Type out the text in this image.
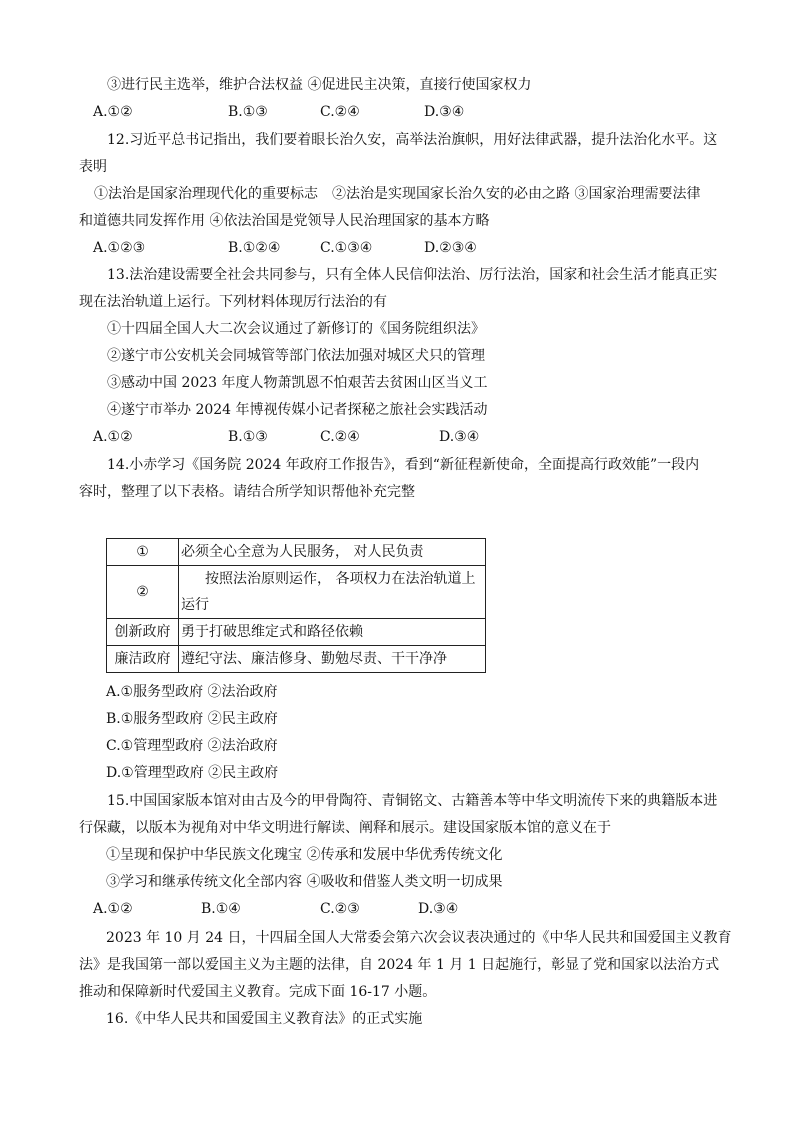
③进行民主选举，维护合法权益 ④促进民主决策，直接行使国家权力
A.①②	B.①③	C.②④	D.③④
12.习近平总书记指出，我们要着眼长治久安，高举法治旗帜，用好法律武器，提升法治化水平。这
表明
①法治是国家治理现代化的重要标志　②法治是实现国家长治久安的必由之路 ③国家治理需要法律
和道德共同发挥作用 ④依法治国是党领导人民治理国家的基本方略
A.①②③	B.①②④	C.①③④	D.②③④
13.法治建设需要全社会共同参与，只有全体人民信仰法治、厉行法治，国家和社会生活才能真正实
现在法治轨道上运行。下列材料体现厉行法治的有
①十四届全国人大二次会议通过了新修订的《国务院组织法》
②遂宁市公安机关会同城管等部门依法加强对城区犬只的管理
③感动中国 2023 年度人物萧凯恩不怕艰苦去贫困山区当义工
④遂宁市举办 2024 年博视传媒小记者探秘之旅社会实践活动
A.①②	B.①③	C.②④	D.③④
14.小赤学习《国务院 2024 年政府工作报告》，看到“新征程新使命，全面提高行政效能”一段内
容时，整理了以下表格。请结合所学知识帮他补充完整
①	必须全心全意为人民服务， 对人民负责
②	按照法治原则运作， 各项权力在法治轨道上
运行

创新政府	勇于打破思维定式和路径依赖
廉洁政府	遵纪守法、廉洁修身、勤勉尽责、干干净净
A.①服务型政府 ②法治政府
B.①服务型政府 ②民主政府
C.①管理型政府 ②法治政府
D.①管理型政府 ②民主政府
15.中国国家版本馆对由古及今的甲骨陶符、青铜铭文、古籍善本等中华文明流传下来的典籍版本进
行保藏，以版本为视角对中华文明进行解读、阐释和展示。建设国家版本馆的意义在于
①呈现和保护中华民族文化瑰宝 ②传承和发展中华优秀传统文化
③学习和继承传统文化全部内容 ④吸收和借鉴人类文明一切成果
A.①②	B.①④	C.②③	D.③④
2023 年 10 月 24 日，十四届全国人大常委会第六次会议表决通过的《中华人民共和国爱国主义教育
法》是我国第一部以爱国主义为主题的法律，自 2024 年 1 月 1 日起施行，彰显了党和国家以法治方式
推动和保障新时代爱国主义教育。完成下面 16-17 小题。
16.《中华人民共和国爱国主义教育法》的正式实施
